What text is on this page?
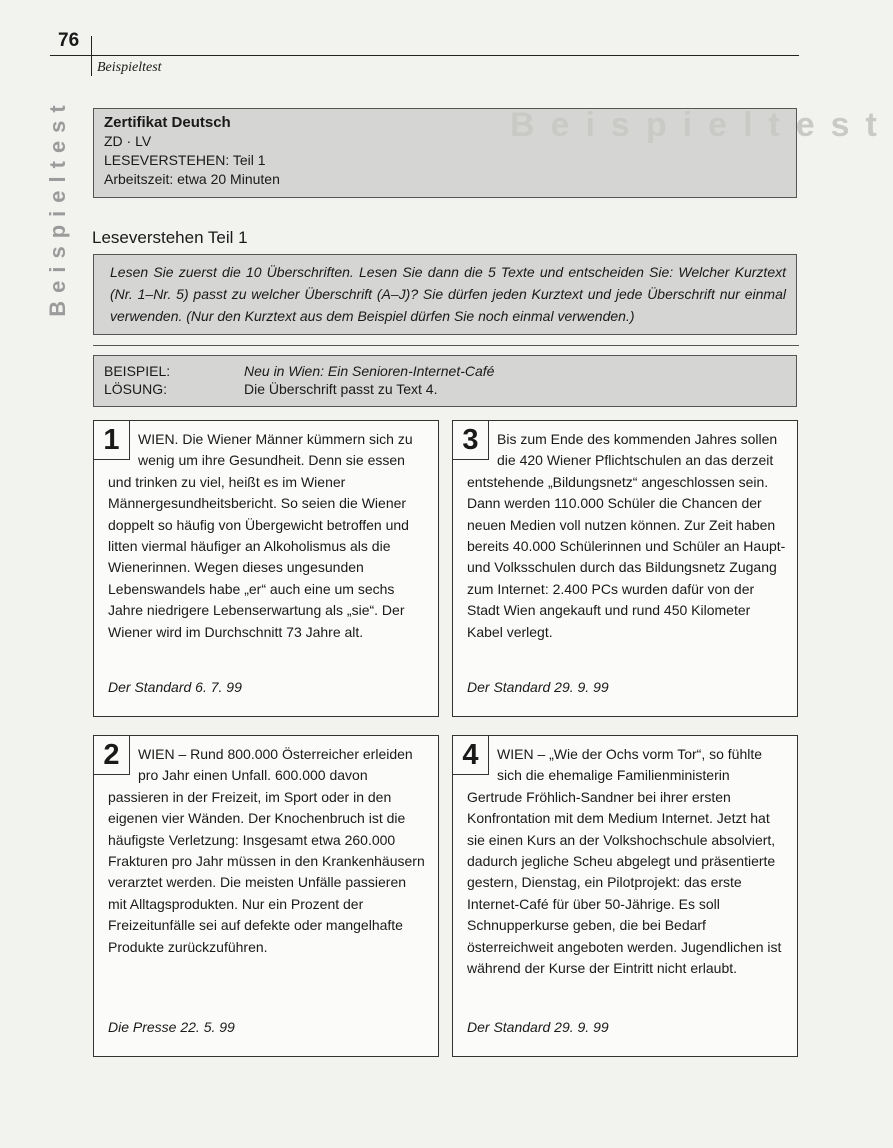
76
Beispieltest
Beispieltest Zertifikat Deutsch
ZD · LV
LESEVERSTEHEN: Teil 1
Arbeitszeit: etwa 20 Minuten
Beispieltest
Leseverstehen Teil 1
Lesen Sie zuerst die 10 Überschriften. Lesen Sie dann die 5 Texte und entscheiden Sie: Welcher Kurztext (Nr. 1–Nr. 5) passt zu welcher Überschrift (A–J)? Sie dürfen jeden Kurztext und jede Überschrift nur einmal verwenden. (Nur den Kurztext aus dem Beispiel dürfen Sie noch einmal verwenden.)
BEISPIEL:	Neu in Wien: Ein Senioren-Internet-Café
LÖSUNG:	Die Überschrift passt zu Text 4.
1	WIEN. Die Wiener Männer kümmern sich zu wenig um ihre Gesundheit. Denn sie essen und trinken zu viel, heißt es im Wiener Männergesundheitsbericht. So seien die Wiener doppelt so häufig von Übergewicht betroffen und litten viermal häufiger an Alkoholismus als die Wienerinnen. Wegen dieses ungesunden Lebenswandels habe „er“ auch eine um sechs Jahre niedrigere Lebenserwartung als „sie“. Der Wiener wird im Durchschnitt 73 Jahre alt.
Der Standard 6. 7. 99
3	Bis zum Ende des kommenden Jahres sollen die 420 Wiener Pflichtschulen an das derzeit entstehende „Bildungsnetz“ angeschlossen sein. Dann werden 110.000 Schüler die Chancen der neuen Medien voll nutzen können. Zur Zeit haben bereits 40.000 Schülerinnen und Schüler an Haupt- und Volksschulen durch das Bildungsnetz Zugang zum Internet: 2.400 PCs wurden dafür von der Stadt Wien angekauft und rund 450 Kilometer Kabel verlegt.
Der Standard 29. 9. 99
2	WIEN – Rund 800.000 Österreicher erleiden pro Jahr einen Unfall. 600.000 davon passieren in der Freizeit, im Sport oder in den eigenen vier Wänden. Der Knochenbruch ist die häufigste Verletzung: Insgesamt etwa 260.000 Frakturen pro Jahr müssen in den Krankenhäusern verarztet werden. Die meisten Unfälle passieren mit Alltagsprodukten. Nur ein Prozent der Freizeitunfälle sei auf defekte oder mangelhafte Produkte zurückzuführen.
Die Presse 22. 5. 99
4	WIEN – „Wie der Ochs vorm Tor“, so fühlte sich die ehemalige Familienministerin Gertrude Fröhlich-Sandner bei ihrer ersten Konfrontation mit dem Medium Internet. Jetzt hat sie einen Kurs an der Volkshochschule absolviert, dadurch jegliche Scheu abgelegt und präsentierte gestern, Dienstag, ein Pilotprojekt: das erste Internet-Café für über 50-Jährige. Es soll Schnupperkurse geben, die bei Bedarf österreichweit angeboten werden. Jugendlichen ist während der Kurse der Eintritt nicht erlaubt.
Der Standard 29. 9. 99
